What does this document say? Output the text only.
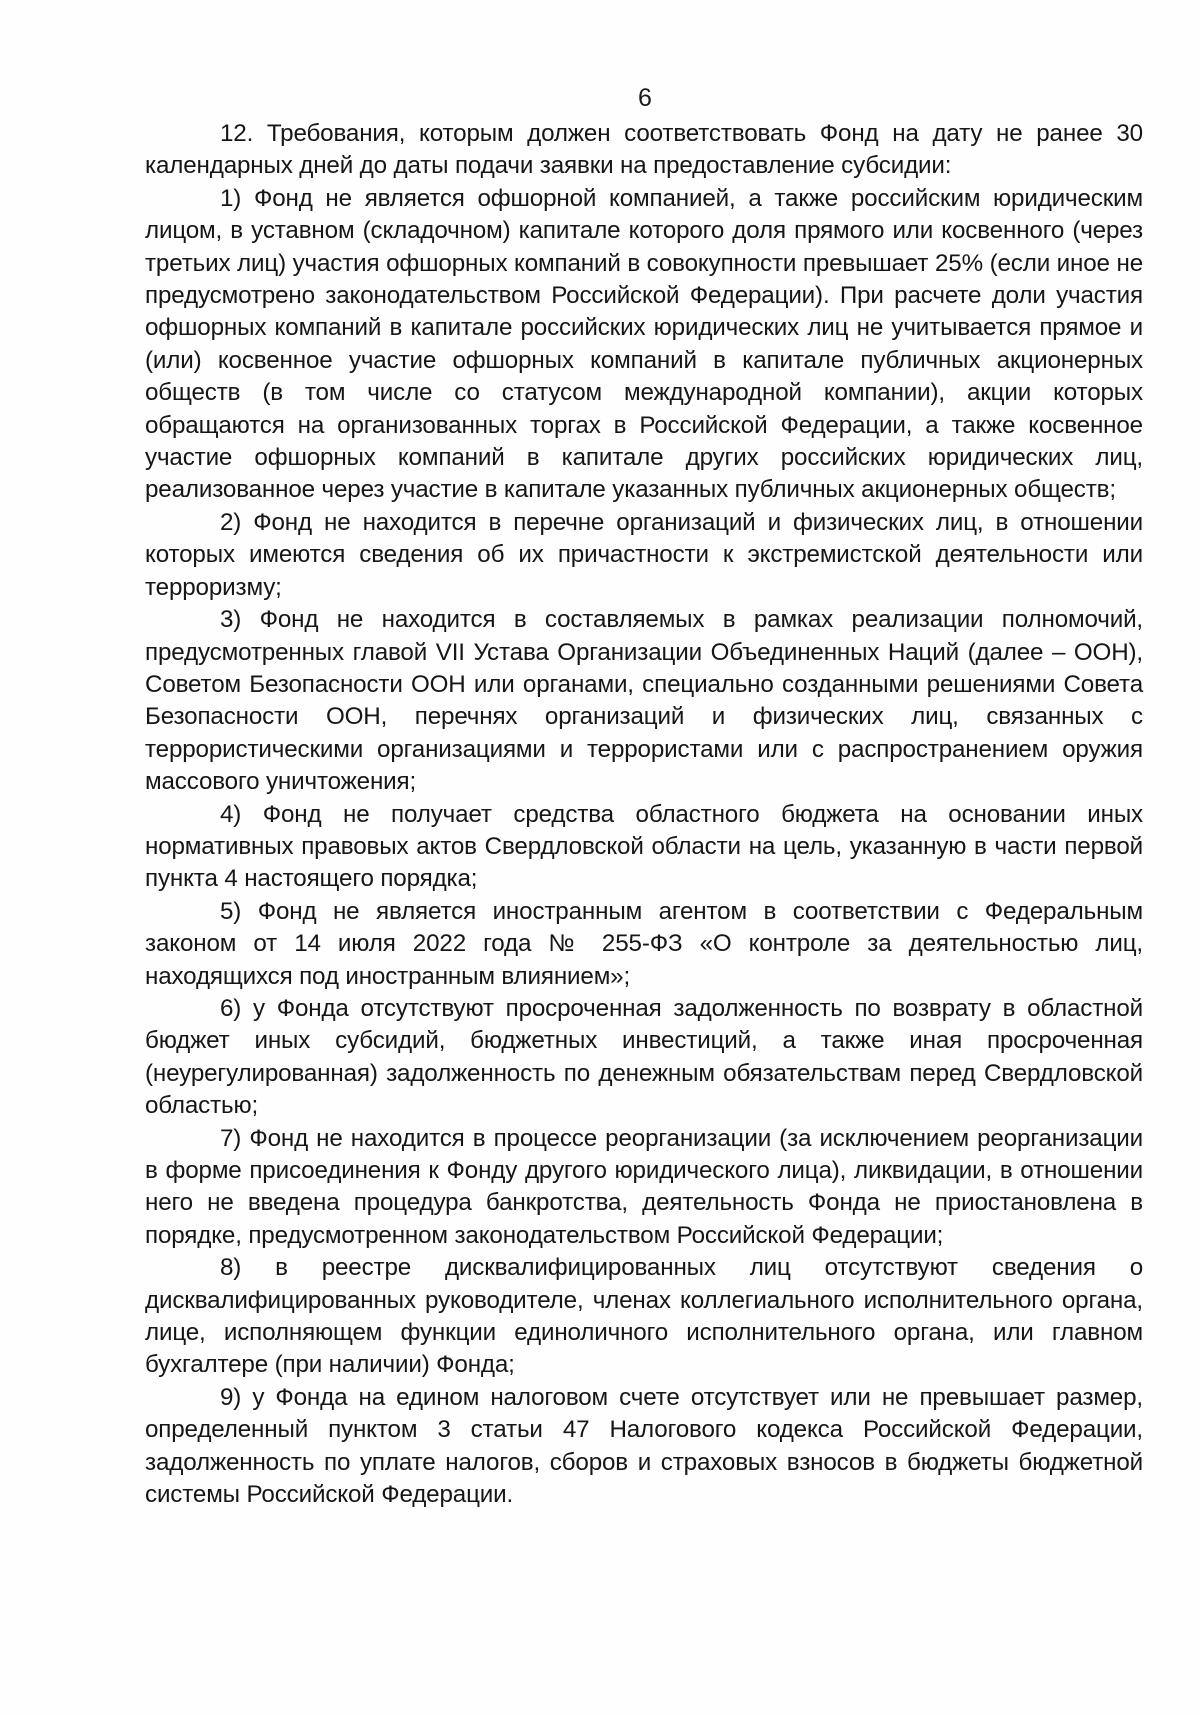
6

12. Требования, которым должен соответствовать Фонд на дату не ранее 30 календарных дней до даты подачи заявки на предоставление субсидии:

1) Фонд не является офшорной компанией, а также российским юридическим лицом, в уставном (складочном) капитале которого доля прямого или косвенного (через третьих лиц) участия офшорных компаний в совокупности превышает 25% (если иное не предусмотрено законодательством Российской Федерации). При расчете доли участия офшорных компаний в капитале российских юридических лиц не учитывается прямое и (или) косвенное участие офшорных компаний в капитале публичных акционерных обществ (в том числе со статусом международной компании), акции которых обращаются на организованных торгах в Российской Федерации, а также косвенное участие офшорных компаний в капитале других российских юридических лиц, реализованное через участие в капитале указанных публичных акционерных обществ;

2) Фонд не находится в перечне организаций и физических лиц, в отношении которых имеются сведения об их причастности к экстремистской деятельности или терроризму;

3) Фонд не находится в составляемых в рамках реализации полномочий, предусмотренных главой VII Устава Организации Объединенных Наций (далее – ООН), Советом Безопасности ООН или органами, специально созданными решениями Совета Безопасности ООН, перечнях организаций и физических лиц, связанных с террористическими организациями и террористами или с распространением оружия массового уничтожения;

4) Фонд не получает средства областного бюджета на основании иных нормативных правовых актов Свердловской области на цель, указанную в части первой пункта 4 настоящего порядка;

5) Фонд не является иностранным агентом в соответствии с Федеральным законом от 14 июля 2022 года № 255-ФЗ «О контроле за деятельностью лиц, находящихся под иностранным влиянием»;

6) у Фонда отсутствуют просроченная задолженность по возврату в областной бюджет иных субсидий, бюджетных инвестиций, а также иная просроченная (неурегулированная) задолженность по денежным обязательствам перед Свердловской областью;

7) Фонд не находится в процессе реорганизации (за исключением реорганизации в форме присоединения к Фонду другого юридического лица), ликвидации, в отношении него не введена процедура банкротства, деятельность Фонда не приостановлена в порядке, предусмотренном законодательством Российской Федерации;

8) в реестре дисквалифицированных лиц отсутствуют сведения о дисквалифицированных руководителе, членах коллегиального исполнительного органа, лице, исполняющем функции единоличного исполнительного органа, или главном бухгалтере (при наличии) Фонда;

9) у Фонда на едином налоговом счете отсутствует или не превышает размер, определенный пунктом 3 статьи 47 Налогового кодекса Российской Федерации, задолженность по уплате налогов, сборов и страховых взносов в бюджеты бюджетной системы Российской Федерации.
